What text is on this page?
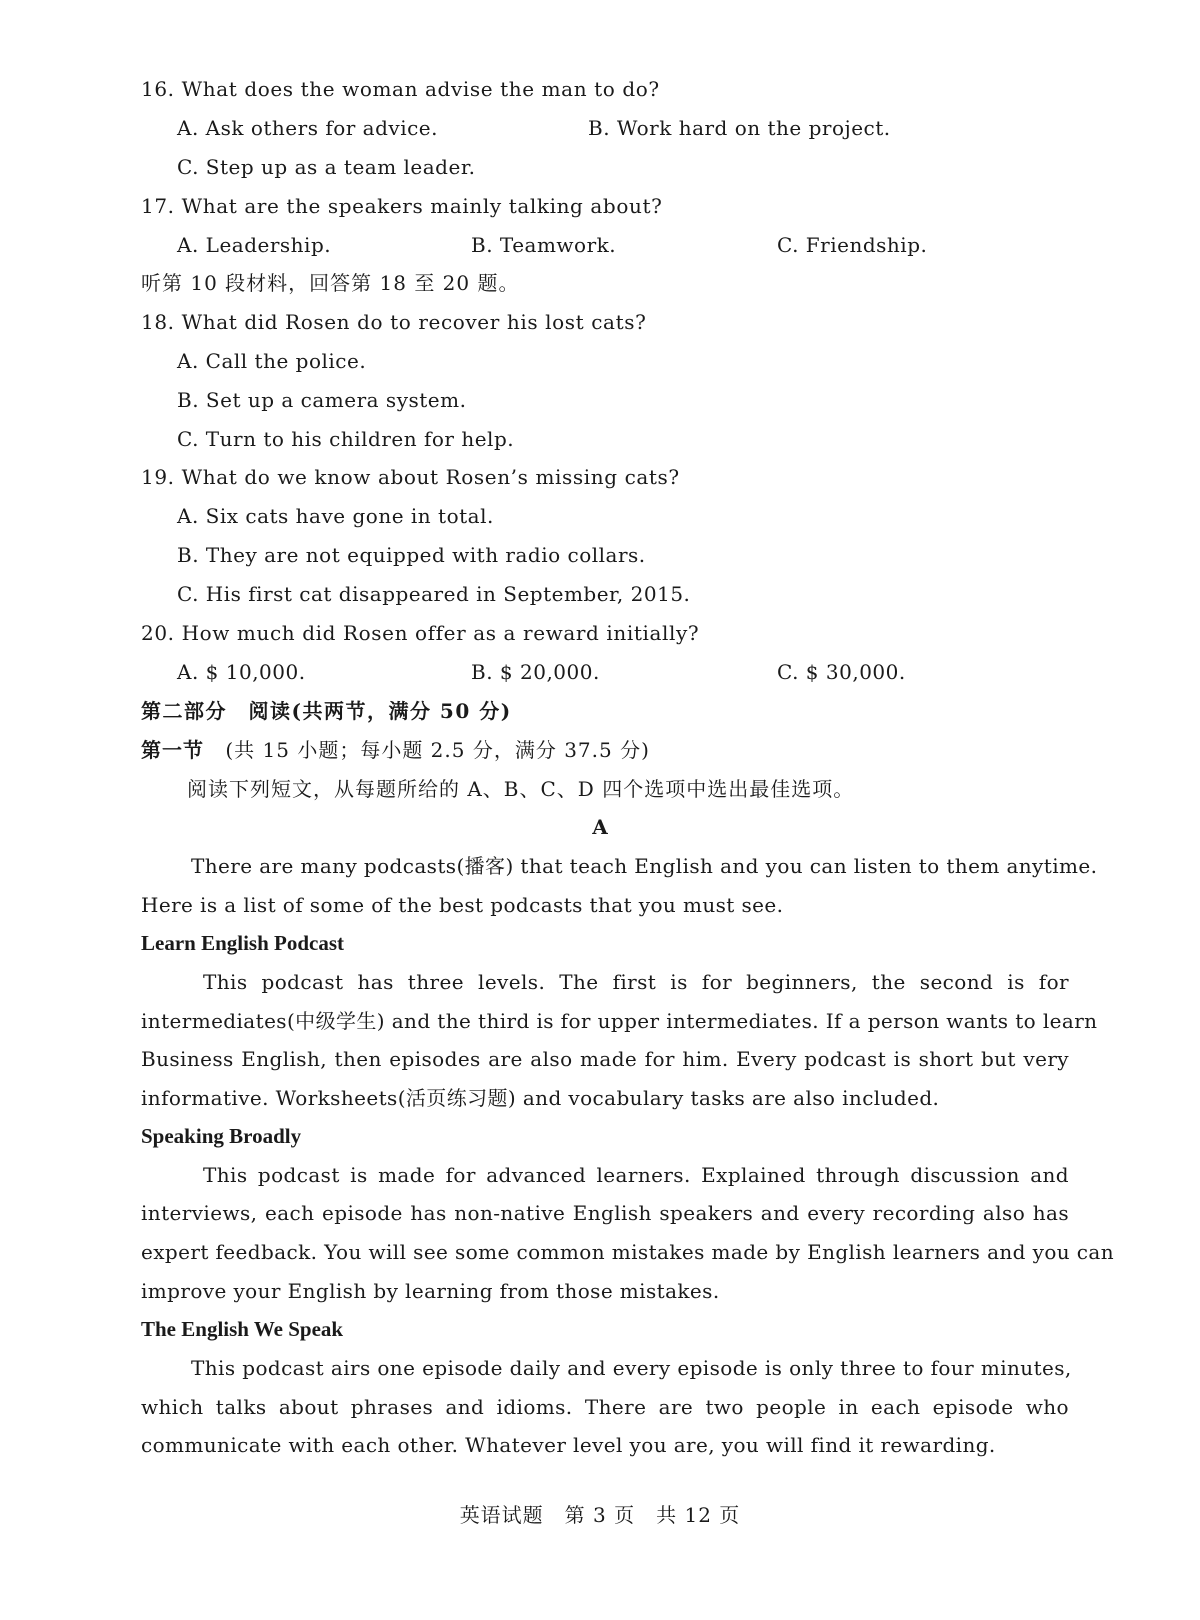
16. What does the woman advise the man to do?
A. Ask others for advice.	B. Work hard on the project.
C. Step up as a team leader.
17. What are the speakers mainly talking about?
A. Leadership.	B. Teamwork.	C. Friendship.
听第 10 段材料，回答第 18 至 20 题。
18. What did Rosen do to recover his lost cats?
A. Call the police.
B. Set up a camera system.
C. Turn to his children for help.
19. What do we know about Rosen’s missing cats?
A. Six cats have gone in total.
B. They are not equipped with radio collars.
C. His first cat disappeared in September, 2015.
20. How much did Rosen offer as a reward initially?
A. $ 10,000.	B. $ 20,000.	C. $ 30,000.
第二部分　阅读(共两节，满分 50 分)
第一节 (共 15 小题；每小题 2.5 分，满分 37.5 分)
阅读下列短文，从每题所给的 A、B、C、D 四个选项中选出最佳选项。
A
There are many podcasts(播客) that teach English and you can listen to them anytime.
Here is a list of some of the best podcasts that you must see.
Learn English Podcast
This podcast has three levels. The first is for beginners, the second is for
intermediates(中级学生) and the third is for upper intermediates. If a person wants to learn
Business English, then episodes are also made for him. Every podcast is short but very
informative. Worksheets(活页练习题) and vocabulary tasks are also included.
Speaking Broadly
This podcast is made for advanced learners. Explained through discussion and
interviews, each episode has non-native English speakers and every recording also has
expert feedback. You will see some common mistakes made by English learners and you can
improve your English by learning from those mistakes.
The English We Speak
This podcast airs one episode daily and every episode is only three to four minutes,
which talks about phrases and idioms. There are two people in each episode who
communicate with each other. Whatever level you are, you will find it rewarding.
英语试题　第 3 页　共 12 页
